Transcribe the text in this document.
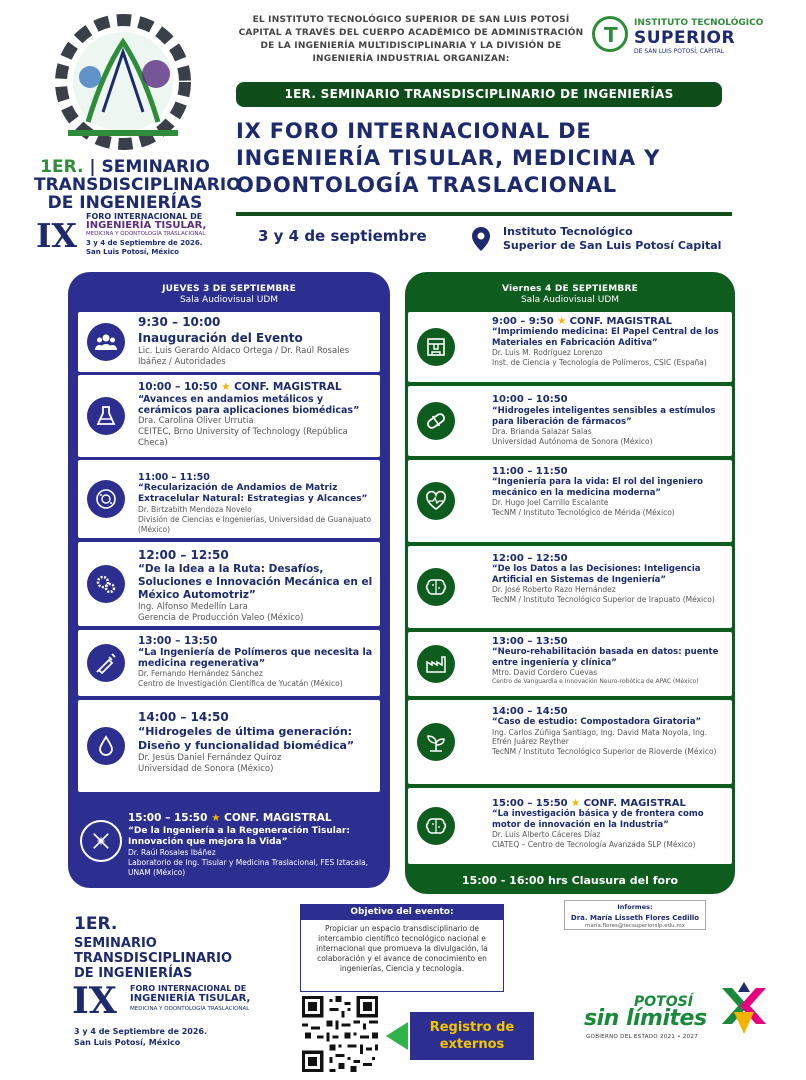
1ER. | SEMINARIO
TRANSDISCIPLINARIO
DE INGENIERÍAS
IX FORO INTERNACIONAL DE
INGENIERÍA TISULAR,
MEDICINA Y ODONTOLOGÍA TRASLACIONAL
3 y 4 de Septiembre de 2026.
San Luis Potosí, México
EL INSTITUTO TECNOLÓGICO SUPERIOR DE SAN LUIS POTOSÍ CAPITAL A TRAVÉS DEL CUERPO ACADÉMICO DE ADMINISTRACIÓN DE LA INGENIERÍA MULTIDISCIPLINARIA Y LA DIVISIÓN DE INGENIERÍA INDUSTRIAL ORGANIZAN:
T INSTITUTO TECNOLÓGICO
SUPERIOR
DE SAN LUIS POTOSÍ, CAPITAL
1ER. SEMINARIO TRANSDISCIPLINARIO DE INGENIERÍAS
IX FORO INTERNACIONAL DE
INGENIERÍA TISULAR, MEDICINA Y
ODONTOLOGÍA TRASLACIONAL
3 y 4 de septiembre	Instituto Tecnológico
Superior de San Luis Potosí Capital
JUEVES 3 DE SEPTIEMBRE
Sala Audiovisual UDM
9:30 – 10:00
Inauguración del Evento
Lic. Luis Gerardo Aldaco Ortega / Dr. Raúl Rosales Ibáñez / Autoridades
10:00 – 10:50 ★ CONF. MAGISTRAL
“Avances en andamios metálicos y cerámicos para aplicaciones biomédicas”
Dra. Carolina Oliver Urrutia
CEITEC, Brno University of Technology (República Checa)
11:00 – 11:50
“Recularización de Andamios de Matriz Extracelular Natural: Estrategias y Alcances”
Dr. Birtzabith Mendoza Novelo
División de Ciencias e Ingenierías, Universidad de Guanajuato (México)
12:00 – 12:50
“De la Idea a la Ruta: Desafíos, Soluciones e Innovación Mecánica en el México Automotriz”
Ing. Alfonso Medellín Lara
Gerencia de Producción Valeo (México)
13:00 – 13:50
“La Ingeniería de Polímeros que necesita la medicina regenerativa”
Dr. Fernando Hernández Sánchez
Centro de Investigación Científica de Yucatán (México)
14:00 – 14:50
“Hidrogeles de última generación: Diseño y funcionalidad biomédica”
Dr. Jesús Daniel Fernández Quiroz
Universidad de Sonora (México)
15:00 – 15:50 ★ CONF. MAGISTRAL
“De la Ingeniería a la Regeneración Tisular: Innovación que mejora la Vida”
Dr. Raúl Rosales Ibáñez
Laboratorio de Ing. Tisular y Medicina Traslacional, FES Iztacala, UNAM (México)
Viernes 4 DE SEPTIEMBRE
Sala Audiovisual UDM
9:00 – 9:50 ★ CONF. MAGISTRAL
“Imprimiendo medicina: El Papel Central de los Materiales en Fabricación Aditiva”
Dr. Luis M. Rodríguez Lorenzo
Inst. de Ciencia y Tecnología de Polímeros, CSIC (España)
10:00 – 10:50
“Hidrogeles inteligentes sensibles a estímulos para liberación de fármacos”
Dra. Brianda Salazar Salas
Universidad Autónoma de Sonora (México)
11:00 – 11:50
“Ingeniería para la vida: El rol del ingeniero mecánico en la medicina moderna”
Dr. Hugo Joel Carrillo Escalante
TecNM / Instituto Tecnológico de Mérida (México)
12:00 – 12:50
“De los Datos a las Decisiones: Inteligencia Artificial en Sistemas de Ingeniería”
Dr. José Roberto Razo Hernández
TecNM / Instituto Tecnológico Superior de Irapuato (México)
13:00 – 13:50
“Neuro-rehabilitación basada en datos: puente entre ingeniería y clínica”
Mtro. David Cordero Cuevas
Centro de Vanguardia e Innovación Neuro-robótica de APAC (México)
14:00 – 14:50
“Caso de estudio: Compostadora Giratoria”
Ing. Carlos Zúñiga Santiago, Ing. David Mata Noyola, Ing. Efrén Juárez Reyther
TecNM / Instituto Tecnológico Superior de Rioverde (México)
15:00 – 15:50 ★ CONF. MAGISTRAL
“La investigación básica y de frontera como motor de innovación en la Industria”
Dr. Luis Alberto Cáceres Díaz
CIATEQ – Centro de Tecnología Avanzada SLP (México)
15:00 - 16:00 hrs Clausura del foro
1ER.
SEMINARIO
TRANSDISCIPLINARIO
DE INGENIERÍAS
IX FORO INTERNACIONAL DE
INGENIERÍA TISULAR,
MEDICINA Y ODONTOLOGÍA TRASLACIONAL
3 y 4 de Septiembre de 2026.
San Luis Potosí, México
Objetivo del evento:
Propiciar un espacio transdisciplinario de intercambio científico tecnológico nacional e internacional que promueva la divulgación, la colaboración y el avance de conocimiento en ingenierías, Ciencia y tecnología.
Informes:
Dra. María Lisseth Flores Cedillo
maria.flores@tecsuperiorslp.edu.mx
Registro de
externos
POTOSÍ
sin límites
GOBIERNO DEL ESTADO 2021 • 2027
